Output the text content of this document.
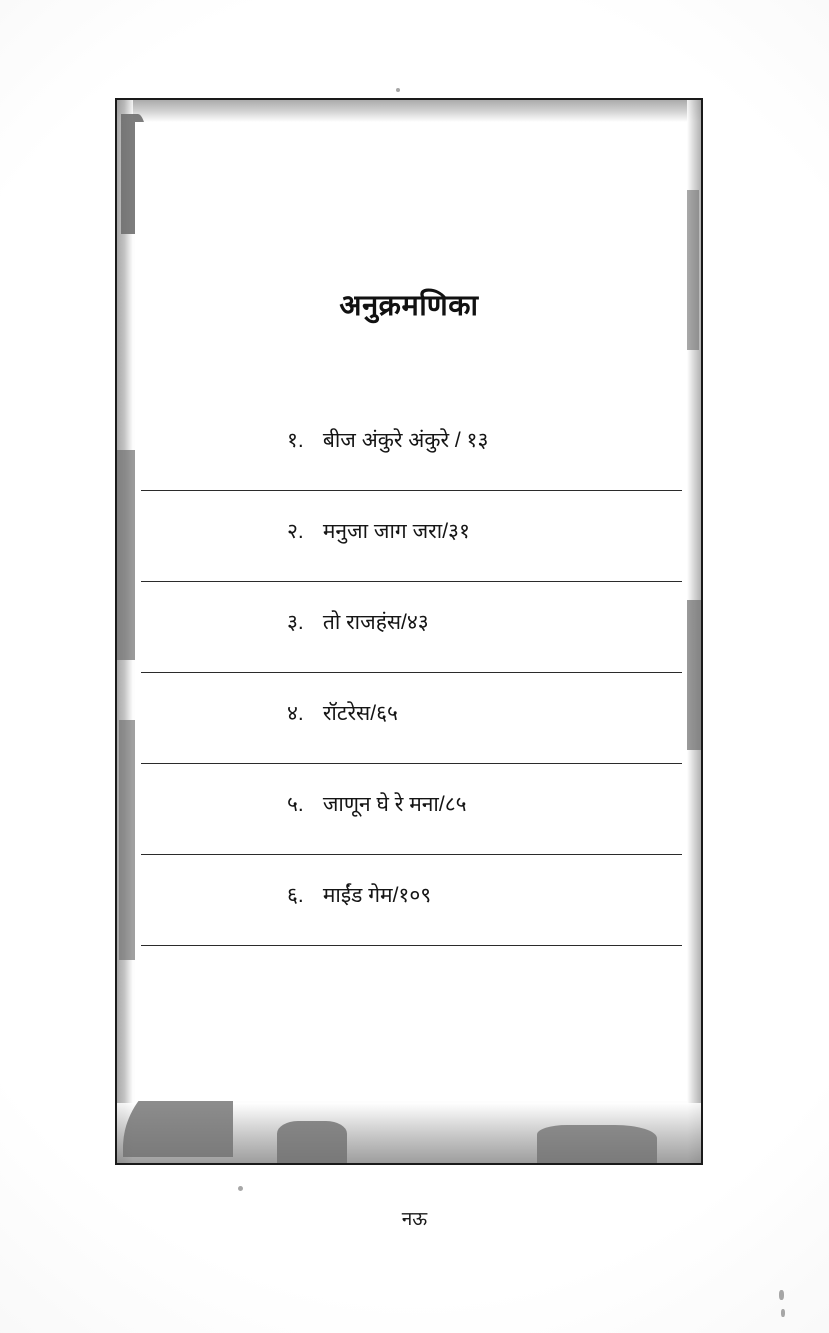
अनुक्रमणिका
१. बीज अंकुरे अंकुरे / १३
२. मनुजा जाग जरा/३१
३. तो राजहंस/४३
४. रॉटरेस/६५
५. जाणून घे रे मना/८५
६. माईंड गेम/१०९
नऊ
